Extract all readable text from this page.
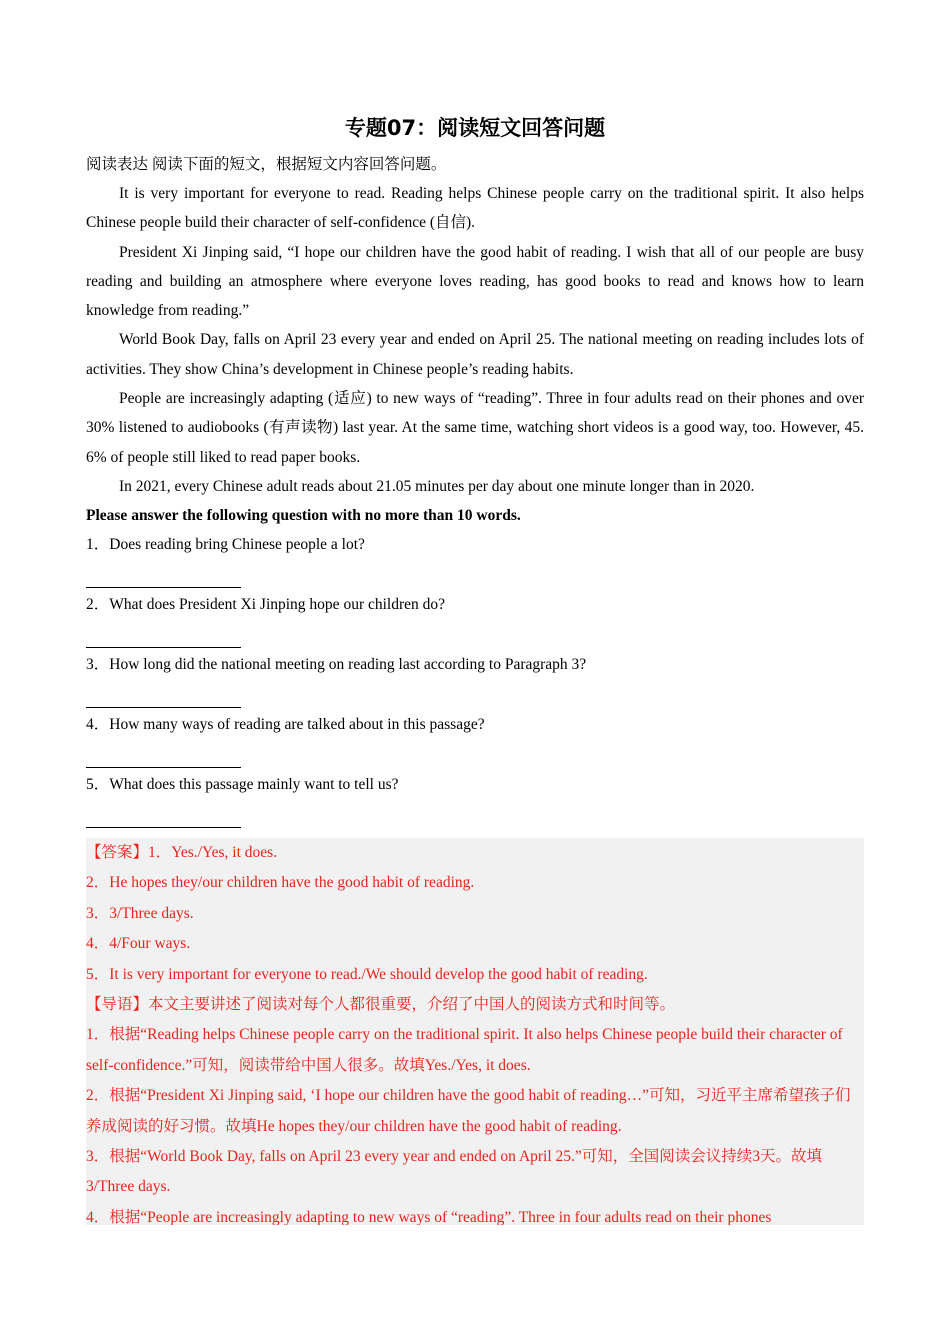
专题07：阅读短文回答问题
阅读表达 阅读下面的短文，根据短文内容回答问题。

It is very important for everyone to read. Reading helps Chinese people carry on the traditional spirit. It also helps Chinese people build their character of self-confidence (自信).

President Xi Jinping said, “I hope our children have the good habit of reading. I wish that all of our people are busy reading and building an atmosphere where everyone loves reading, has good books to read and knows how to learn knowledge from reading.”

World Book Day, falls on April 23 every year and ended on April 25. The national meeting on reading includes lots of activities. They show China’s development in Chinese people’s reading habits.

People are increasingly adapting (适应) to new ways of “reading”. Three in four adults read on their phones and over 30% listened to audiobooks (有声读物) last year. At the same time, watching short videos is a good way, too. However, 45. 6% of people still liked to read paper books.

In 2021, every Chinese adult reads about 21.05 minutes per day about one minute longer than in 2020.

Please answer the following question with no more than 10 words.
1．Does reading bring Chinese people a lot?
2．What does President Xi Jinping hope our children do?
3．How long did the national meeting on reading last according to Paragraph 3?
4．How many ways of reading are talked about in this passage?
5．What does this passage mainly want to tell us?

【答案】1．Yes./Yes, it does.

2．He hopes they/our children have the good habit of reading.

3．3/Three days.

4．4/Four ways.

5．It is very important for everyone to read./We should develop the good habit of reading.

【导语】本文主要讲述了阅读对每个人都很重要，介绍了中国人的阅读方式和时间等。

1．根据“Reading helps Chinese people carry on the traditional spirit. It also helps Chinese people build their character of self-confidence.”可知，阅读带给中国人很多。故填Yes./Yes, it does.

2．根据“President Xi Jinping said, ‘I hope our children have the good habit of reading…”可知，习近平主席希望孩子们养成阅读的好习惯。故填He hopes they/our children have the good habit of reading.

3．根据“World Book Day, falls on April 23 every year and ended on April 25.”可知，全国阅读会议持续3天。故填3/Three days.

4．根据“People are increasingly adapting to new ways of “reading”. Three in four adults read on their phones
